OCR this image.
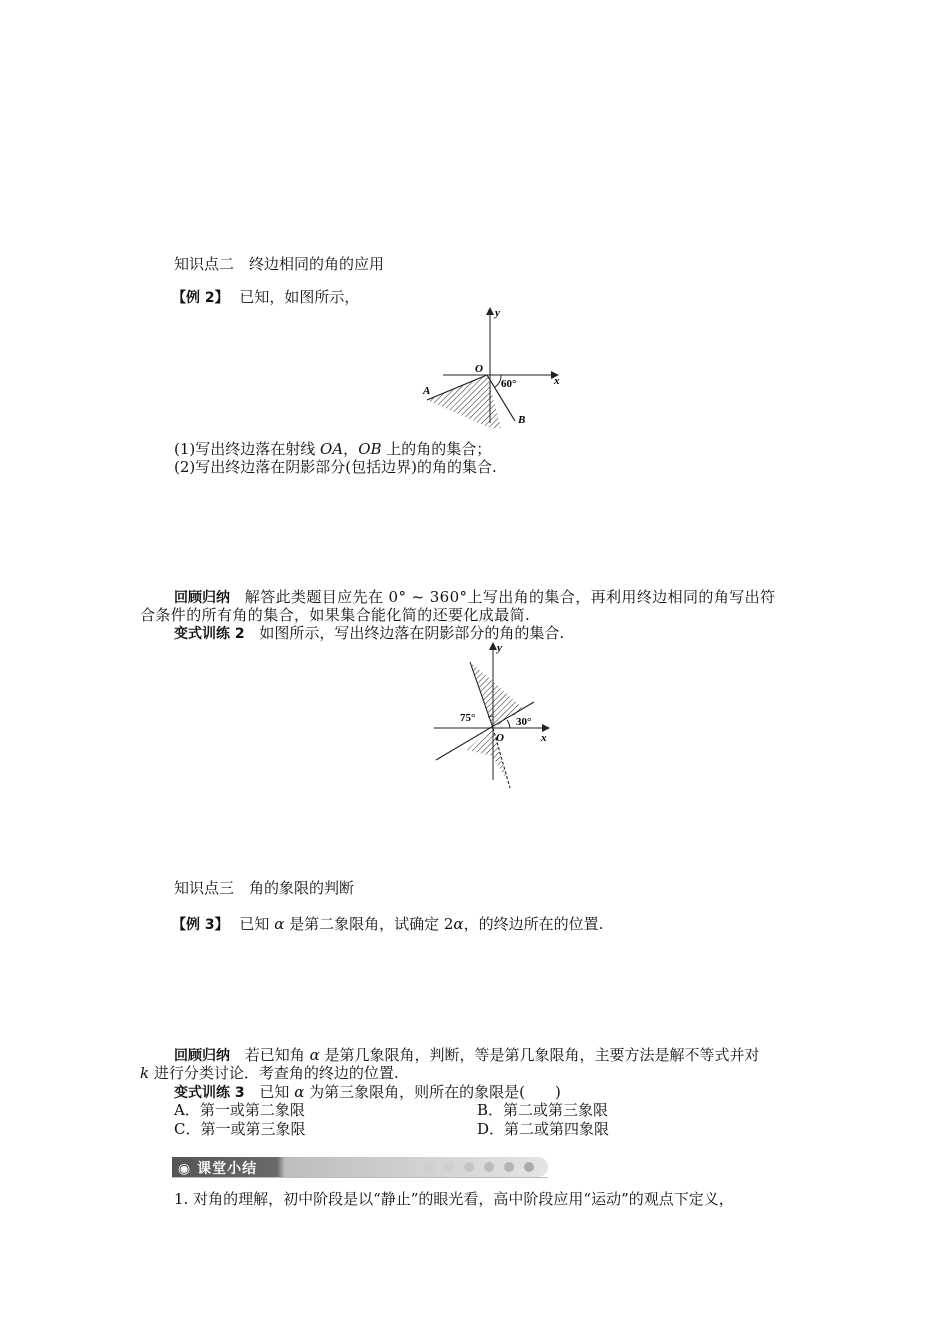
知识点二　终边相同的角的应用
【例 2】 已知，如图所示，
y
x
O
A
B
60°
(1)写出终边落在射线 OA，OB 上的角的集合；
(2)写出终边落在阴影部分(包括边界)的角的集合.
回顾归纳 解答此类题目应先在 0° ~ 360°上写出角的集合，再利用终边相同的角写出符
合条件的所有角的集合，如果集合能化简的还要化成最简.
变式训练 2 如图所示，写出终边落在阴影部分的角的集合.
y
x
O
75°	30°
知识点三　角的象限的判断
【例 3】 已知 α 是第二象限角，试确定 2α，的终边所在的位置.
回顾归纳 若已知角 α 是第几象限角，判断，等是第几象限角，主要方法是解不等式并对
k 进行分类讨论．考查角的终边的位置.
变式训练 3 已知 α 为第三象限角，则所在的象限是(　　)
A．第一或第二象限	B．第二或第三象限
C．第一或第三象限	D．第二或第四象限
◉ 课堂小结
1. 对角的理解，初中阶段是以“静止”的眼光看，高中阶段应用“运动”的观点下定义，
